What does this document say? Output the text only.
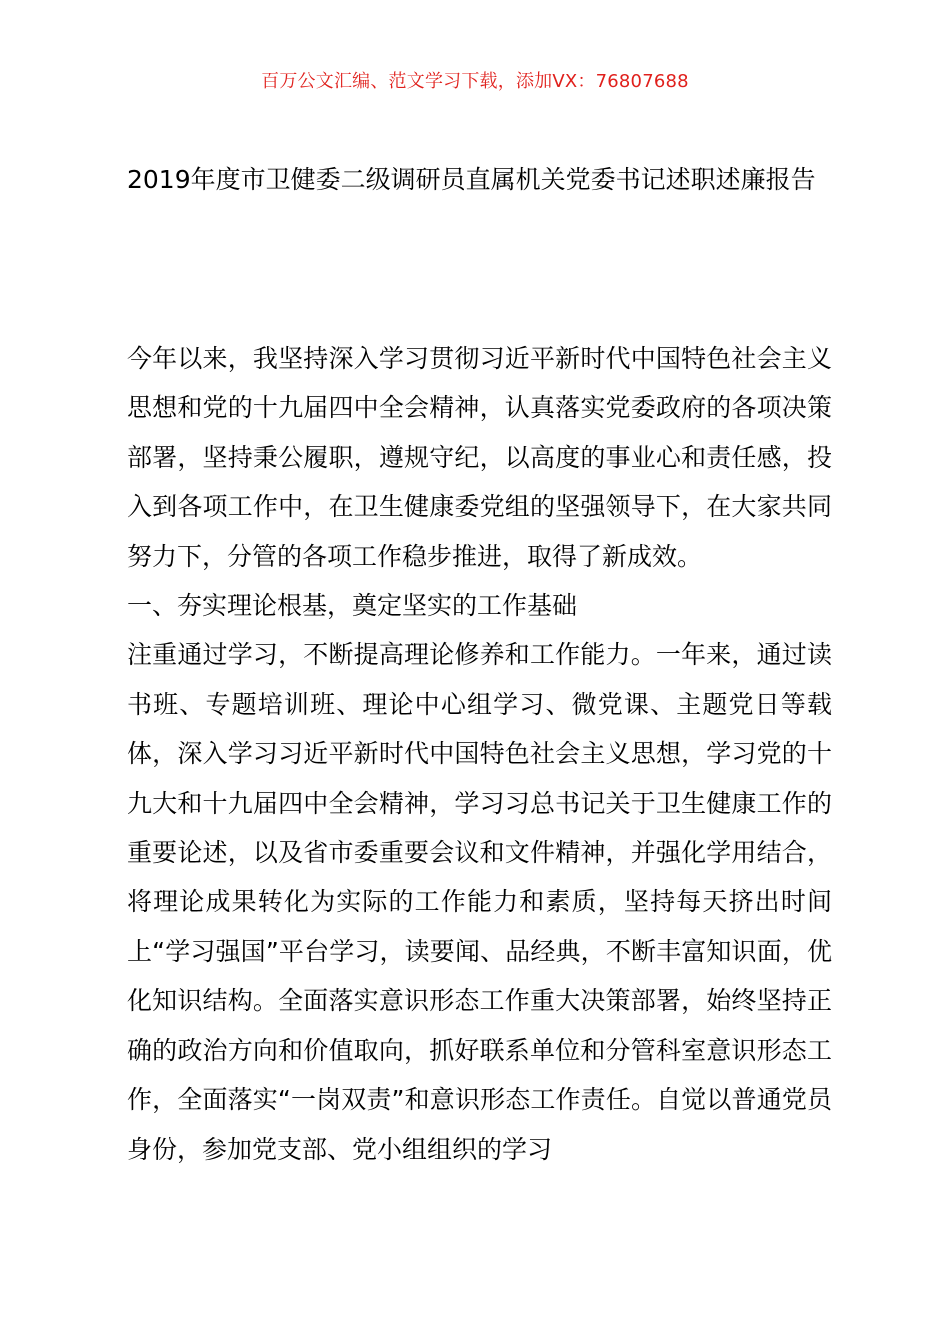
百万公文汇编、范文学习下载，添加VX：76807688
2019年度市卫健委二级调研员直属机关党委书记述职述廉报告

今年以来，我坚持深入学习贯彻习近平新时代中国特色社会主义思想和党的十九届四中全会精神，认真落实党委政府的各项决策部署，坚持秉公履职，遵规守纪，以高度的事业心和责任感，投入到各项工作中，在卫生健康委党组的坚强领导下，在大家共同努力下，分管的各项工作稳步推进，取得了新成效。

一、夯实理论根基，奠定坚实的工作基础

注重通过学习，不断提高理论修养和工作能力。一年来，通过读书班、专题培训班、理论中心组学习、微党课、主题党日等载体，深入学习习近平新时代中国特色社会主义思想，学习党的十九大和十九届四中全会精神，学习习总书记关于卫生健康工作的重要论述，以及省市委重要会议和文件精神，并强化学用结合，将理论成果转化为实际的工作能力和素质，坚持每天挤出时间上“学习强国”平台学习，读要闻、品经典，不断丰富知识面，优化知识结构。全面落实意识形态工作重大决策部署，始终坚持正确的政治方向和价值取向，抓好联系单位和分管科室意识形态工作，全面落实“一岗双责”和意识形态工作责任。自觉以普通党员身份，参加党支部、党小组组织的学习
